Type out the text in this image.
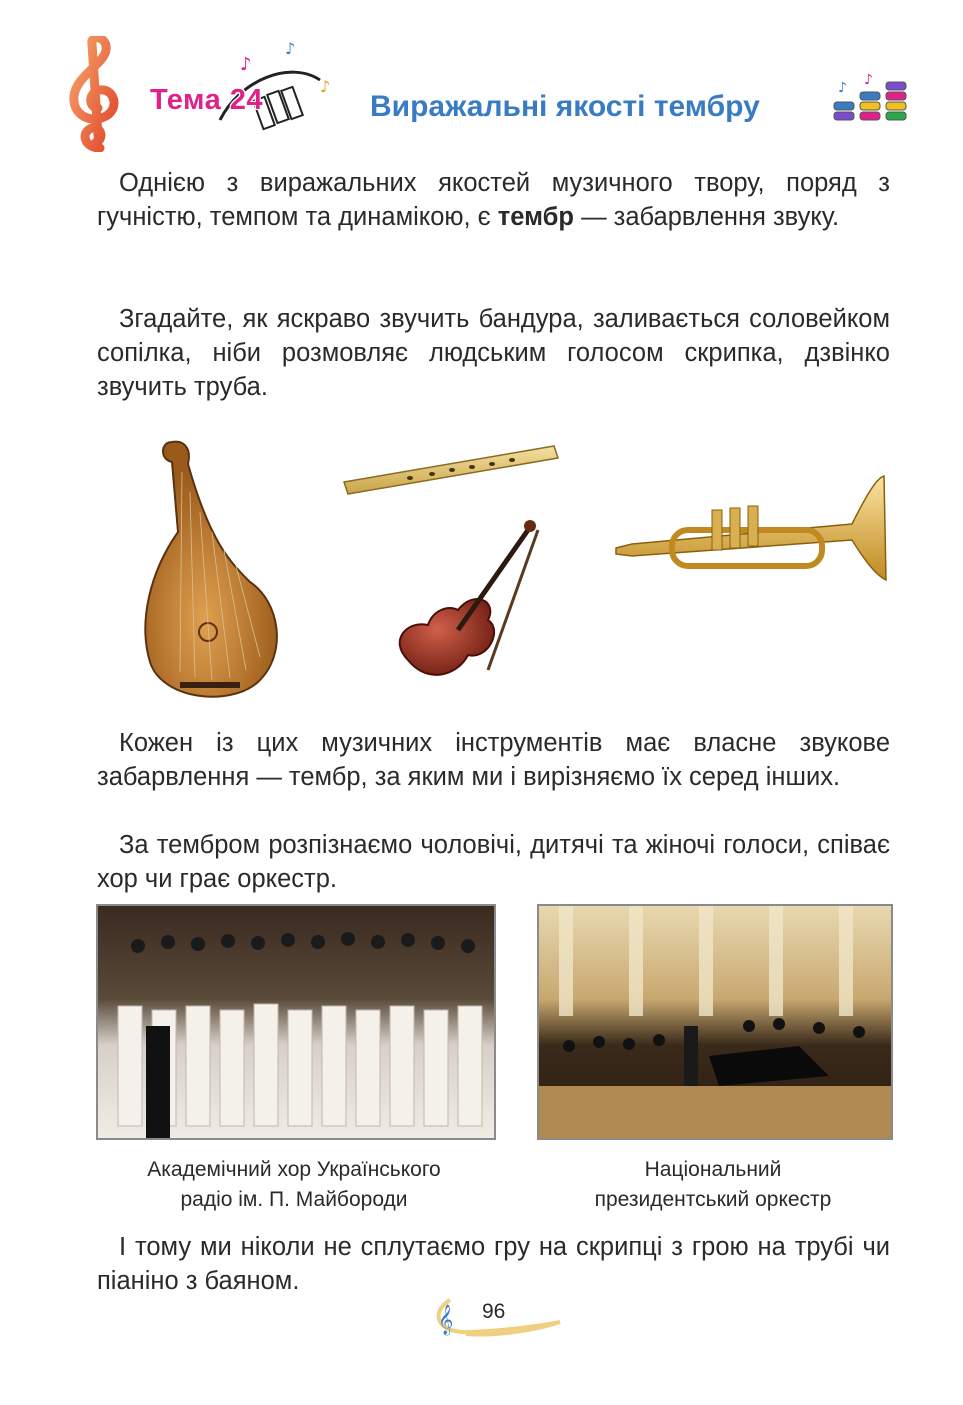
♪
♪
♪
Тема 24	Виражальні якості тембру
♪ ♪

Однією з виражальних якостей музичного твору, поряд з гучністю, темпом та динамікою, є тембр — забарвлення звуку.

Згадайте, як яскраво звучить бандура, заливається соловейком сопілка, ніби розмовляє людським голосом скрипка, дзвінко звучить труба.

Кожен із цих музичних інструментів має власне звукове забарвлення — тембр, за яким ми і вирізняємо їх серед інших.

За тембром розпізнаємо чоловічі, дитячі та жіночі голоси, співає хор чи грає оркестр.

Академічний хор Українського
радіо ім. П. Майбороди
Національний
президентський оркестр

І тому ми ніколи не сплутаємо гру на скрипці з грою на трубі чи піаніно з баяном.

𝄞 96
